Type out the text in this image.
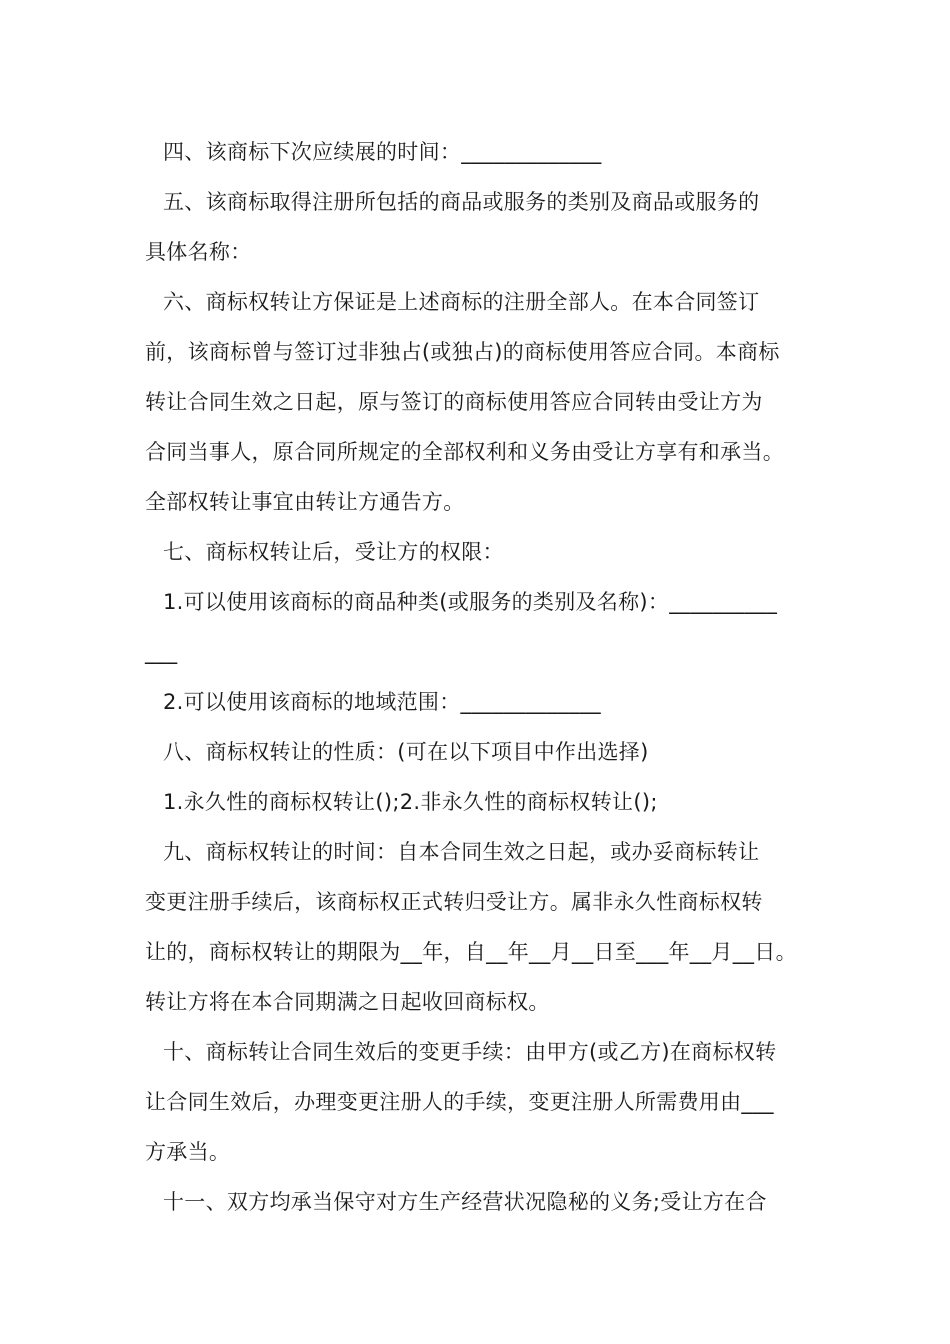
四、该商标下次应续展的时间：_____________
五、该商标取得注册所包括的商品或服务的类别及商品或服务的
具体名称：
六、商标权转让方保证是上述商标的注册全部人。在本合同签订
前，该商标曾与签订过非独占(或独占)的商标使用答应合同。本商标
转让合同生效之日起，原与签订的商标使用答应合同转由受让方为
合同当事人，原合同所规定的全部权利和义务由受让方享有和承当。
全部权转让事宜由转让方通告方。
七、商标权转让后，受让方的权限：
1.可以使用该商标的商品种类(或服务的类别及名称)：__________
___
2.可以使用该商标的地域范围：_____________
八、商标权转让的性质：(可在以下项目中作出选择)
1.永久性的商标权转让();2.非永久性的商标权转让();
九、商标权转让的时间：自本合同生效之日起，或办妥商标转让
变更注册手续后，该商标权正式转归受让方。属非永久性商标权转
让的，商标权转让的期限为__年，自__年__月__日至___年__月__日。
转让方将在本合同期满之日起收回商标权。
十、商标转让合同生效后的变更手续：由甲方(或乙方)在商标权转
让合同生效后，办理变更注册人的手续，变更注册人所需费用由___
方承当。
十一、双方均承当保守对方生产经营状况隐秘的义务;受让方在合
